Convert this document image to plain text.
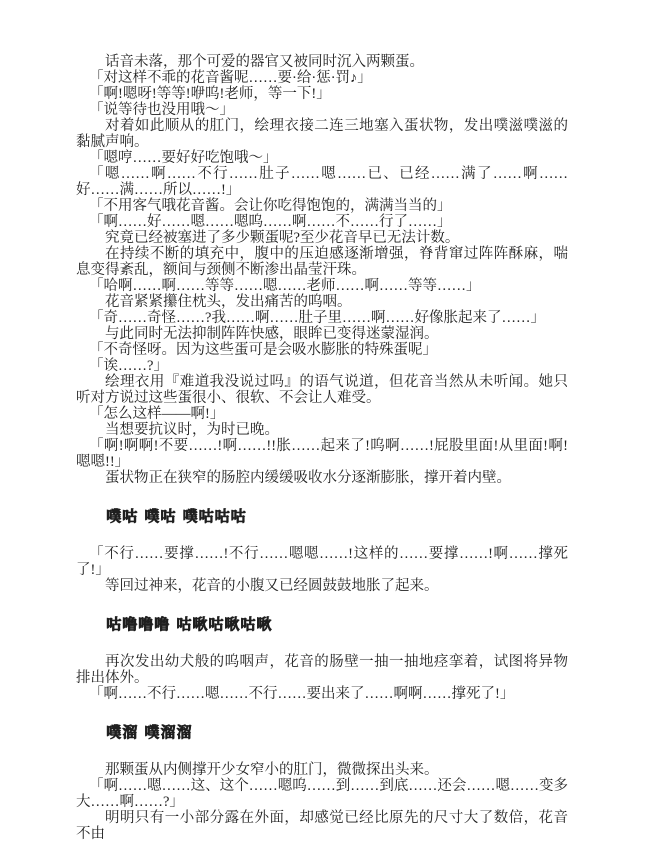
话音未落，那个可爱的器官又被同时沉入两颗蛋。

「对这样不乖的花音酱呢……要·给·惩·罚♪」

「啊!嗯呀!等等!咿呜!老师，等一下!」

「说等待也没用哦～」

对着如此顺从的肛门，绘理衣接二连三地塞入蛋状物，发出噗滋噗滋的黏腻声响。

「嗯哼……要好好吃饱哦～」

「嗯……啊……不行……肚子……嗯……已、已经……满了……啊……好……满……所以……!」

「不用客气哦花音酱。会让你吃得饱饱的，满满当当的」

「啊……好……嗯……嗯呜……啊……不……行了……」

究竟已经被塞进了多少颗蛋呢?至少花音早已无法计数。

在持续不断的填充中，腹中的压迫感逐渐增强，脊背窜过阵阵酥麻，喘息变得紊乱，额间与颈侧不断渗出晶莹汗珠。

「哈啊……啊……等等……嗯……老师……啊……等等……」

花音紧紧攥住枕头，发出痛苦的呜咽。

「奇……奇怪……?我……啊……肚子里……啊……好像胀起来了……」

与此同时无法抑制阵阵快感，眼眸已变得迷蒙湿润。

「不奇怪呀。因为这些蛋可是会吸水膨胀的特殊蛋呢」

「诶……?」

绘理衣用『难道我没说过吗』的语气说道，但花音当然从未听闻。她只听对方说过这些蛋很小、很软、不会让人难受。

「怎么这样——啊!」

当想要抗议时，为时已晚。

「啊!啊啊!不要……!啊……!!胀……起来了!呜啊……!屁股里面!从里面!啊!嗯嗯!!」

蛋状物正在狭窄的肠腔内缓缓吸收水分逐渐膨胀，撑开着内壁。

噗咕 噗咕 噗咕咕咕

「不行……要撑……!不行……嗯嗯……!这样的……要撑……!啊……撑死了!」

等回过神来，花音的小腹又已经圆鼓鼓地胀了起来。

咕噜噜噜 咕啾咕啾咕啾

再次发出幼犬般的呜咽声，花音的肠壁一抽一抽地痉挛着，试图将异物排出体外。

「啊……不行……嗯……不行……要出来了……啊啊……撑死了!」

噗溜 噗溜溜

那颗蛋从内侧撑开少女窄小的肛门，微微探出头来。

「啊……嗯……这、这个……嗯呜……到……到底……还会……嗯……变多大……啊……?」

明明只有一小部分露在外面，却感觉已经比原先的尺寸大了数倍，花音不由
